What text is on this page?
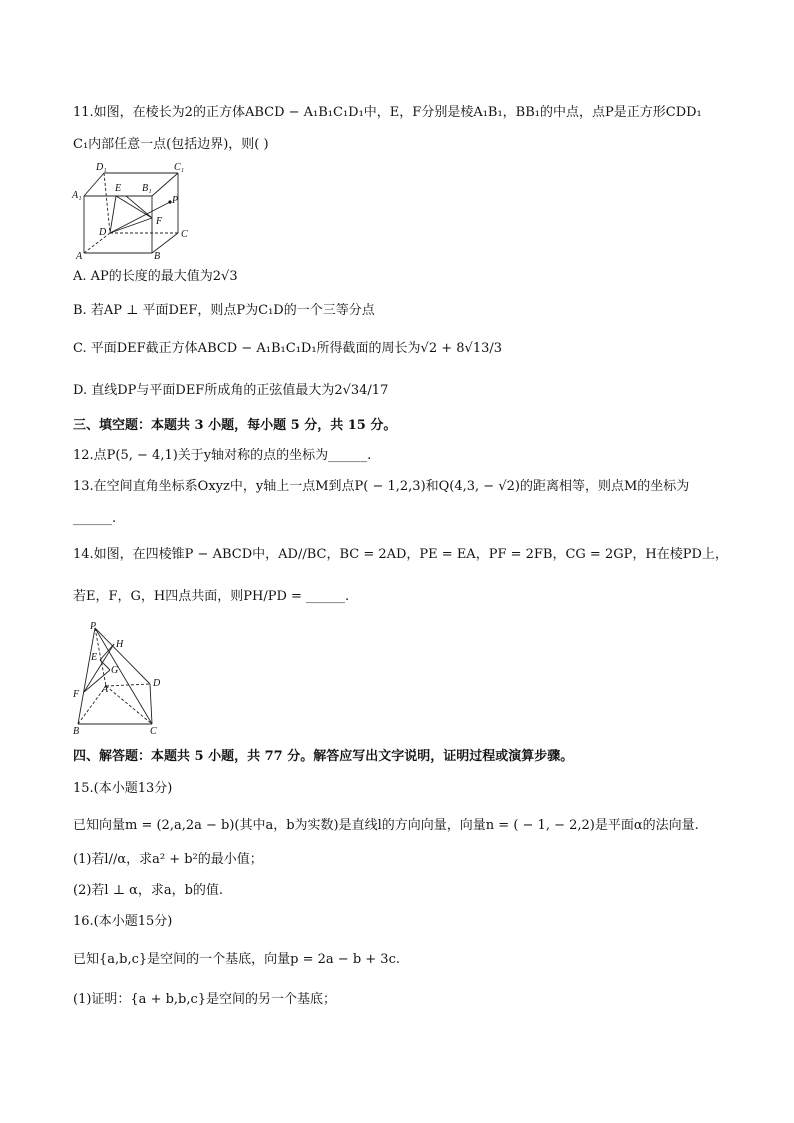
11.如图，在棱长为2的正方体ABCD − A₁B₁C₁D₁中，E，F分别是棱A₁B₁，BB₁的中点，点P是正方形CDD₁
C₁内部任意一点(包括边界)，则( )
D₁	C₁
A₁
E B₁
P
F
D	C
A	B
A. AP的长度的最大值为2√3
B. 若AP ⊥ 平面DEF，则点P为C₁D的一个三等分点
C. 平面DEF截正方体ABCD − A₁B₁C₁D₁所得截面的周长为√2 + 8√13/3
D. 直线DP与平面DEF所成角的正弦值最大为2√34/17
三、填空题：本题共 3 小题，每小题 5 分，共 15 分。
12.点P(5, − 4,1)关于y轴对称的点的坐标为______.
13.在空间直角坐标系Oxyz中，y轴上一点M到点P( − 1,2,3)和Q(4,3, − √2)的距离相等，则点M的坐标为
______.
14.如图，在四棱锥P − ABCD中，AD//BC，BC = 2AD，PE = EA，PF = 2FB，CG = 2GP，H在棱PD上，
若E，F，G，H四点共面，则PH/PD = ______.
P
H
E
G
D
A
F
B	C
四、解答题：本题共 5 小题，共 77 分。解答应写出文字说明，证明过程或演算步骤。
15.(本小题13分)
已知向量m = (2,a,2a − b)(其中a，b为实数)是直线l的方向向量，向量n = ( − 1, − 2,2)是平面α的法向量.
(1)若l//α，求a² + b²的最小值；
(2)若l ⊥ α，求a，b的值.
16.(本小题15分)
已知{a,b,c}是空间的一个基底，向量p = 2a − b + 3c.
(1)证明：{a + b,b,c}是空间的另一个基底；
